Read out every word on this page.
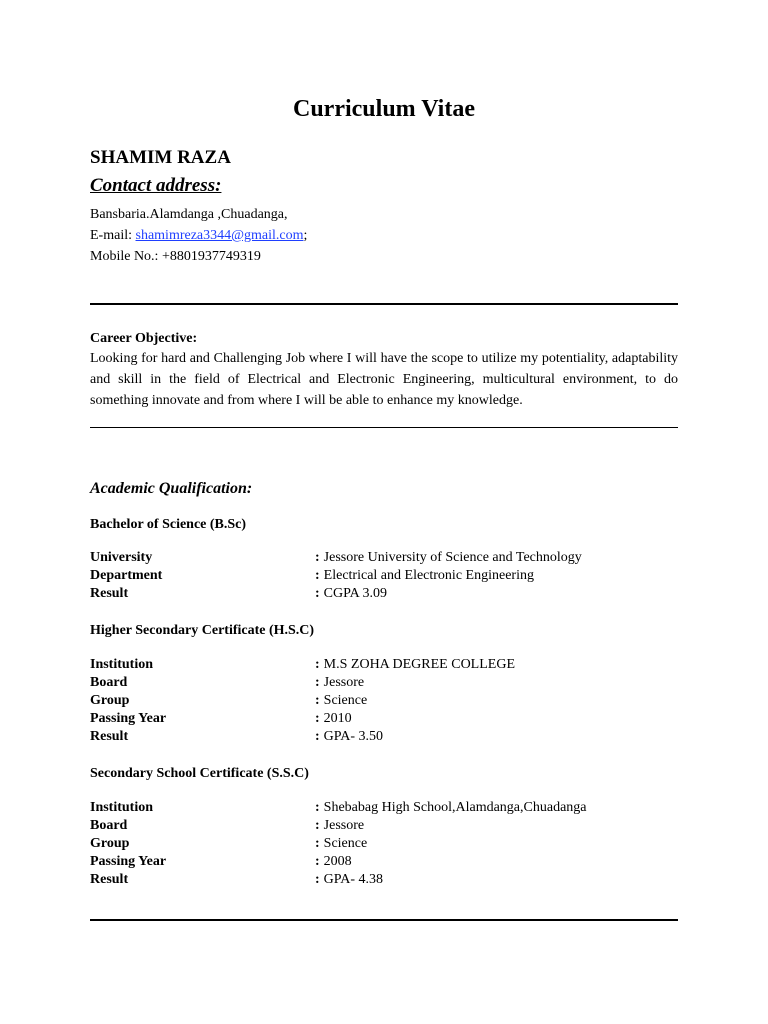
Curriculum Vitae
SHAMIM RAZA
Contact address:
Bansbaria.Alamdanga ,Chuadanga,
E-mail: shamimreza3344@gmail.com;
Mobile No.: +8801937749319
Career Objective:
Looking for hard and Challenging Job where I will have the scope to utilize my potentiality, adaptability and skill in the field of Electrical and Electronic Engineering, multicultural environment, to do something innovate and from where I will be able to enhance my knowledge.
Academic Qualification:
Bachelor of Science (B.Sc)
University	: Jessore University of Science and Technology
Department	: Electrical and Electronic Engineering
Result	: CGPA 3.09
Higher Secondary Certificate (H.S.C)
Institution	: M.S ZOHA DEGREE COLLEGE
Board	: Jessore
Group	: Science
Passing Year	: 2010
Result	: GPA- 3.50
Secondary School Certificate (S.S.C)
Institution	: Shebabag High School,Alamdanga,Chuadanga
Board	: Jessore
Group	: Science
Passing Year	: 2008
Result	: GPA- 4.38
